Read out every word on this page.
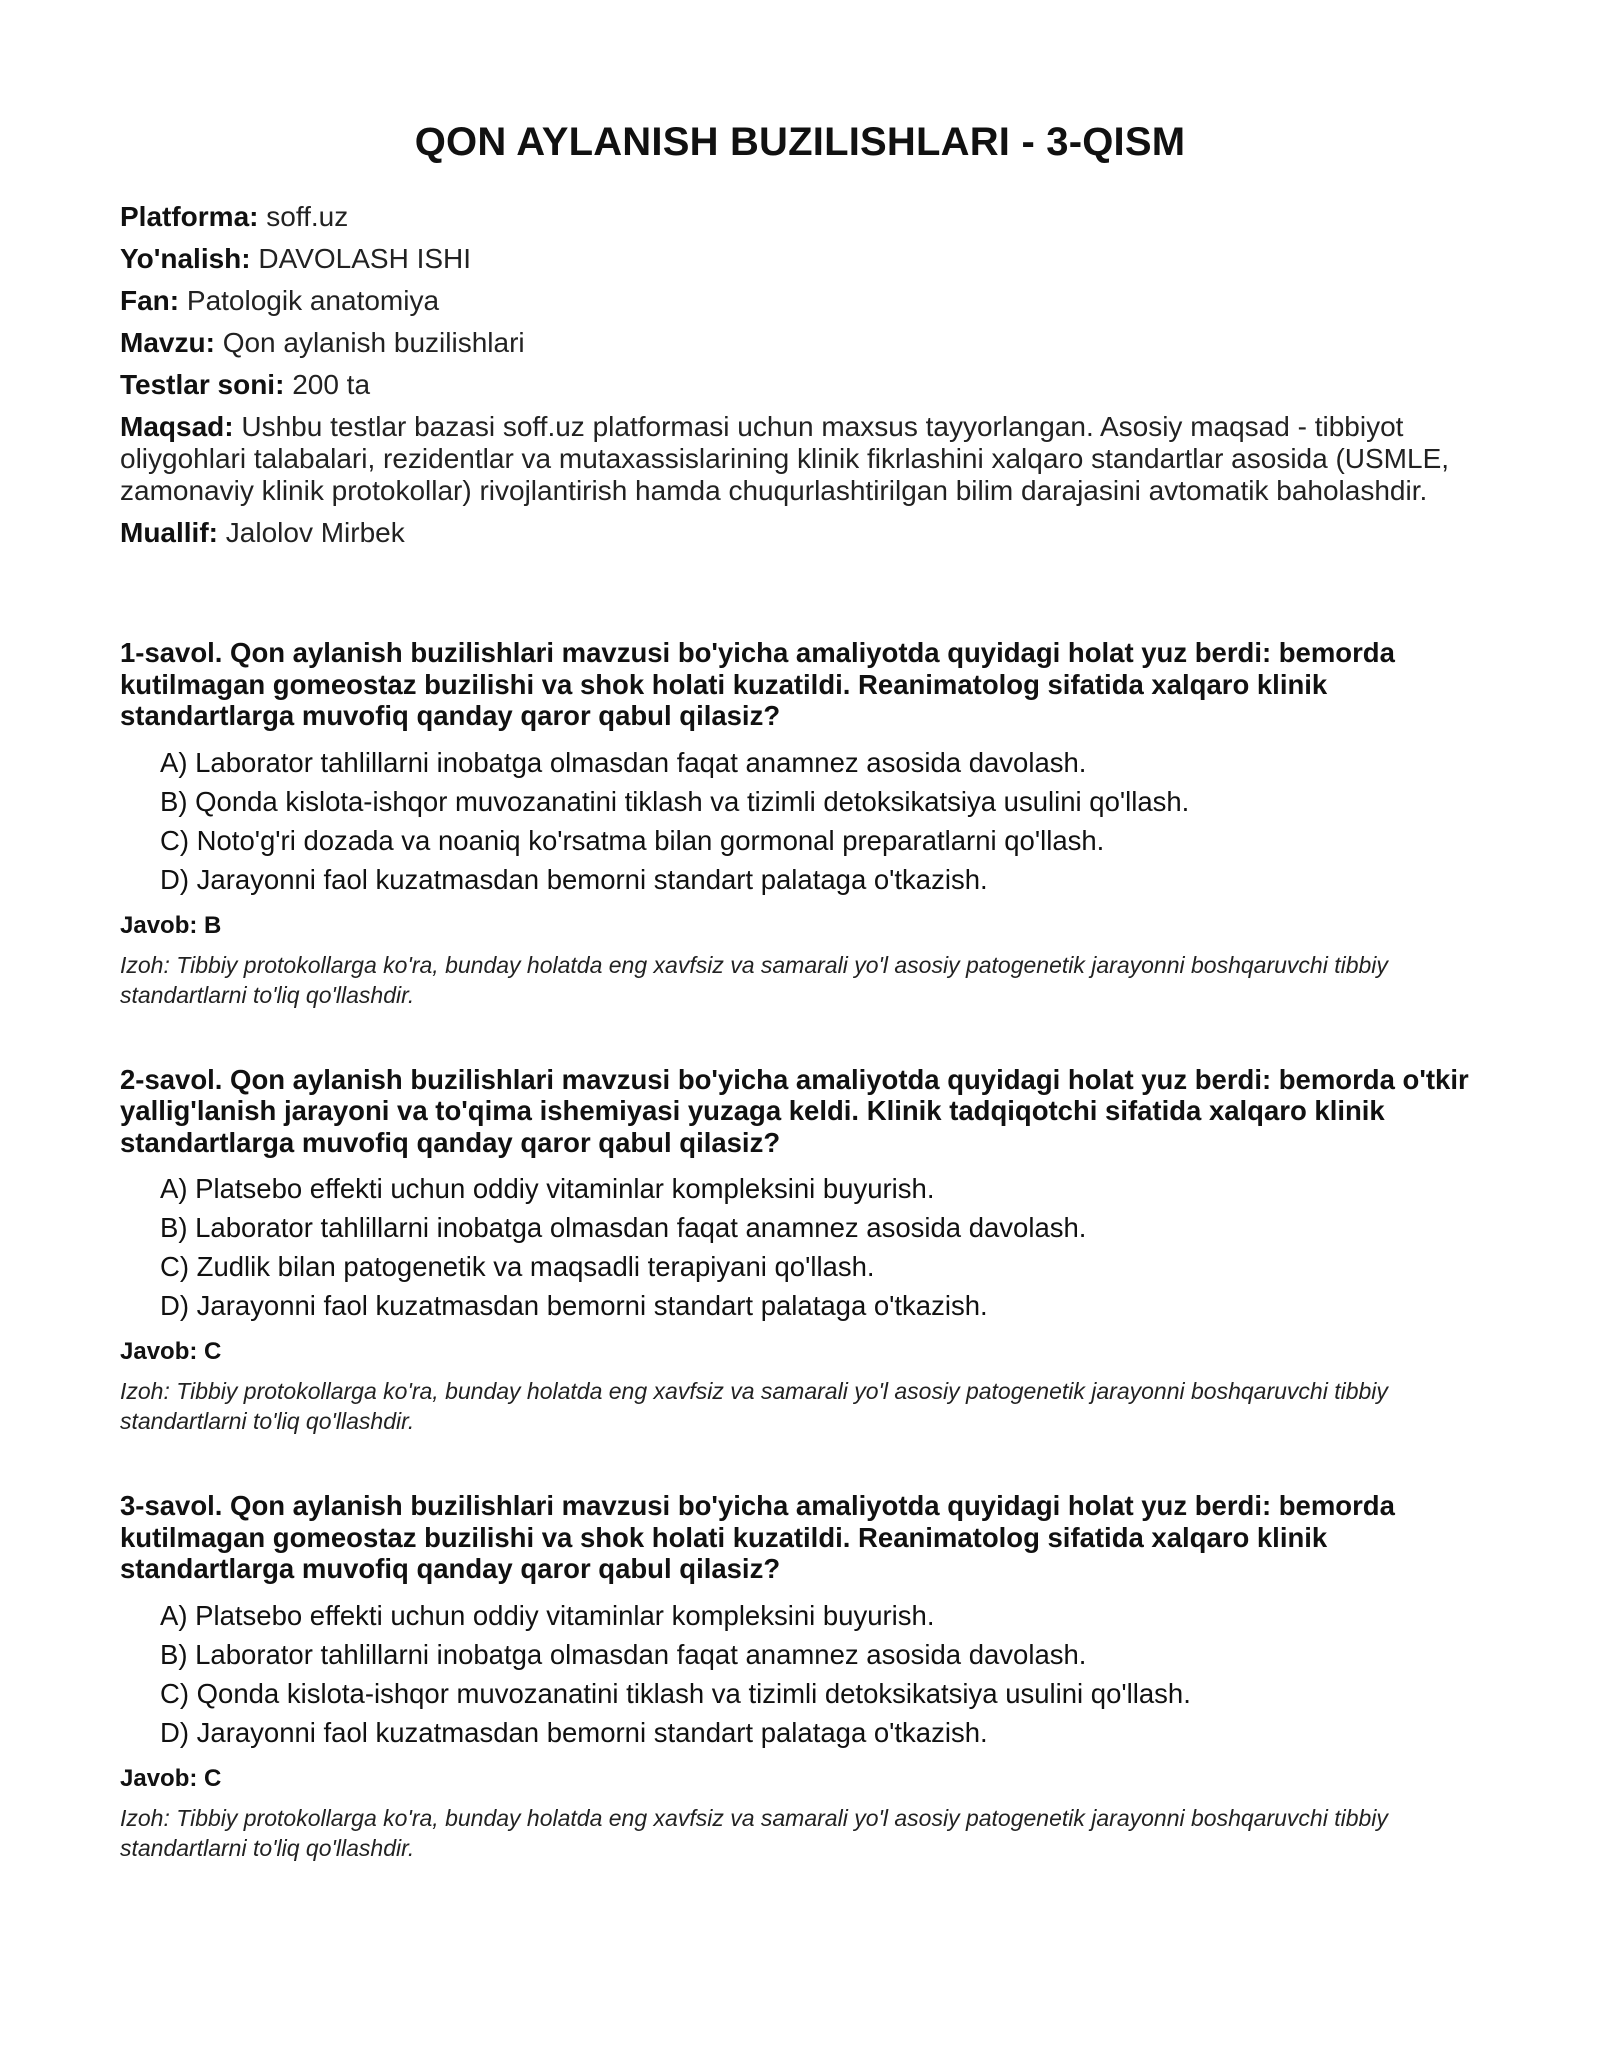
QON AYLANISH BUZILISHLARI - 3-QISM
Platforma: soff.uz
Yo'nalish: DAVOLASH ISHI
Fan: Patologik anatomiya
Mavzu: Qon aylanish buzilishlari
Testlar soni: 200 ta
Maqsad: Ushbu testlar bazasi soff.uz platformasi uchun maxsus tayyorlangan. Asosiy maqsad - tibbiyot oliygohlari talabalari, rezidentlar va mutaxassislarining klinik fikrlashini xalqaro standartlar asosida (USMLE, zamonaviy klinik protokollar) rivojlantirish hamda chuqurlashtirilgan bilim darajasini avtomatik baholashdir.
Muallif: Jalolov Mirbek

1-savol. Qon aylanish buzilishlari mavzusi bo'yicha amaliyotda quyidagi holat yuz berdi: bemorda kutilmagan gomeostaz buzilishi va shok holati kuzatildi. Reanimatolog sifatida xalqaro klinik standartlarga muvofiq qanday qaror qabul qilasiz?

A) Laborator tahlillarni inobatga olmasdan faqat anamnez asosida davolash.
B) Qonda kislota-ishqor muvozanatini tiklash va tizimli detoksikatsiya usulini qo'llash.
C) Noto'g'ri dozada va noaniq ko'rsatma bilan gormonal preparatlarni qo'llash.
D) Jarayonni faol kuzatmasdan bemorni standart palataga o'tkazish.
Javob: B
Izoh: Tibbiy protokollarga ko'ra, bunday holatda eng xavfsiz va samarali yo'l asosiy patogenetik jarayonni boshqaruvchi tibbiy standartlarni to'liq qo'llashdir.

2-savol. Qon aylanish buzilishlari mavzusi bo'yicha amaliyotda quyidagi holat yuz berdi: bemorda o'tkir yallig'lanish jarayoni va to'qima ishemiyasi yuzaga keldi. Klinik tadqiqotchi sifatida xalqaro klinik standartlarga muvofiq qanday qaror qabul qilasiz?

A) Platsebo effekti uchun oddiy vitaminlar kompleksini buyurish.
B) Laborator tahlillarni inobatga olmasdan faqat anamnez asosida davolash.
C) Zudlik bilan patogenetik va maqsadli terapiyani qo'llash.
D) Jarayonni faol kuzatmasdan bemorni standart palataga o'tkazish.
Javob: C
Izoh: Tibbiy protokollarga ko'ra, bunday holatda eng xavfsiz va samarali yo'l asosiy patogenetik jarayonni boshqaruvchi tibbiy standartlarni to'liq qo'llashdir.

3-savol. Qon aylanish buzilishlari mavzusi bo'yicha amaliyotda quyidagi holat yuz berdi: bemorda kutilmagan gomeostaz buzilishi va shok holati kuzatildi. Reanimatolog sifatida xalqaro klinik standartlarga muvofiq qanday qaror qabul qilasiz?

A) Platsebo effekti uchun oddiy vitaminlar kompleksini buyurish.
B) Laborator tahlillarni inobatga olmasdan faqat anamnez asosida davolash.
C) Qonda kislota-ishqor muvozanatini tiklash va tizimli detoksikatsiya usulini qo'llash.
D) Jarayonni faol kuzatmasdan bemorni standart palataga o'tkazish.
Javob: C
Izoh: Tibbiy protokollarga ko'ra, bunday holatda eng xavfsiz va samarali yo'l asosiy patogenetik jarayonni boshqaruvchi tibbiy standartlarni to'liq qo'llashdir.
